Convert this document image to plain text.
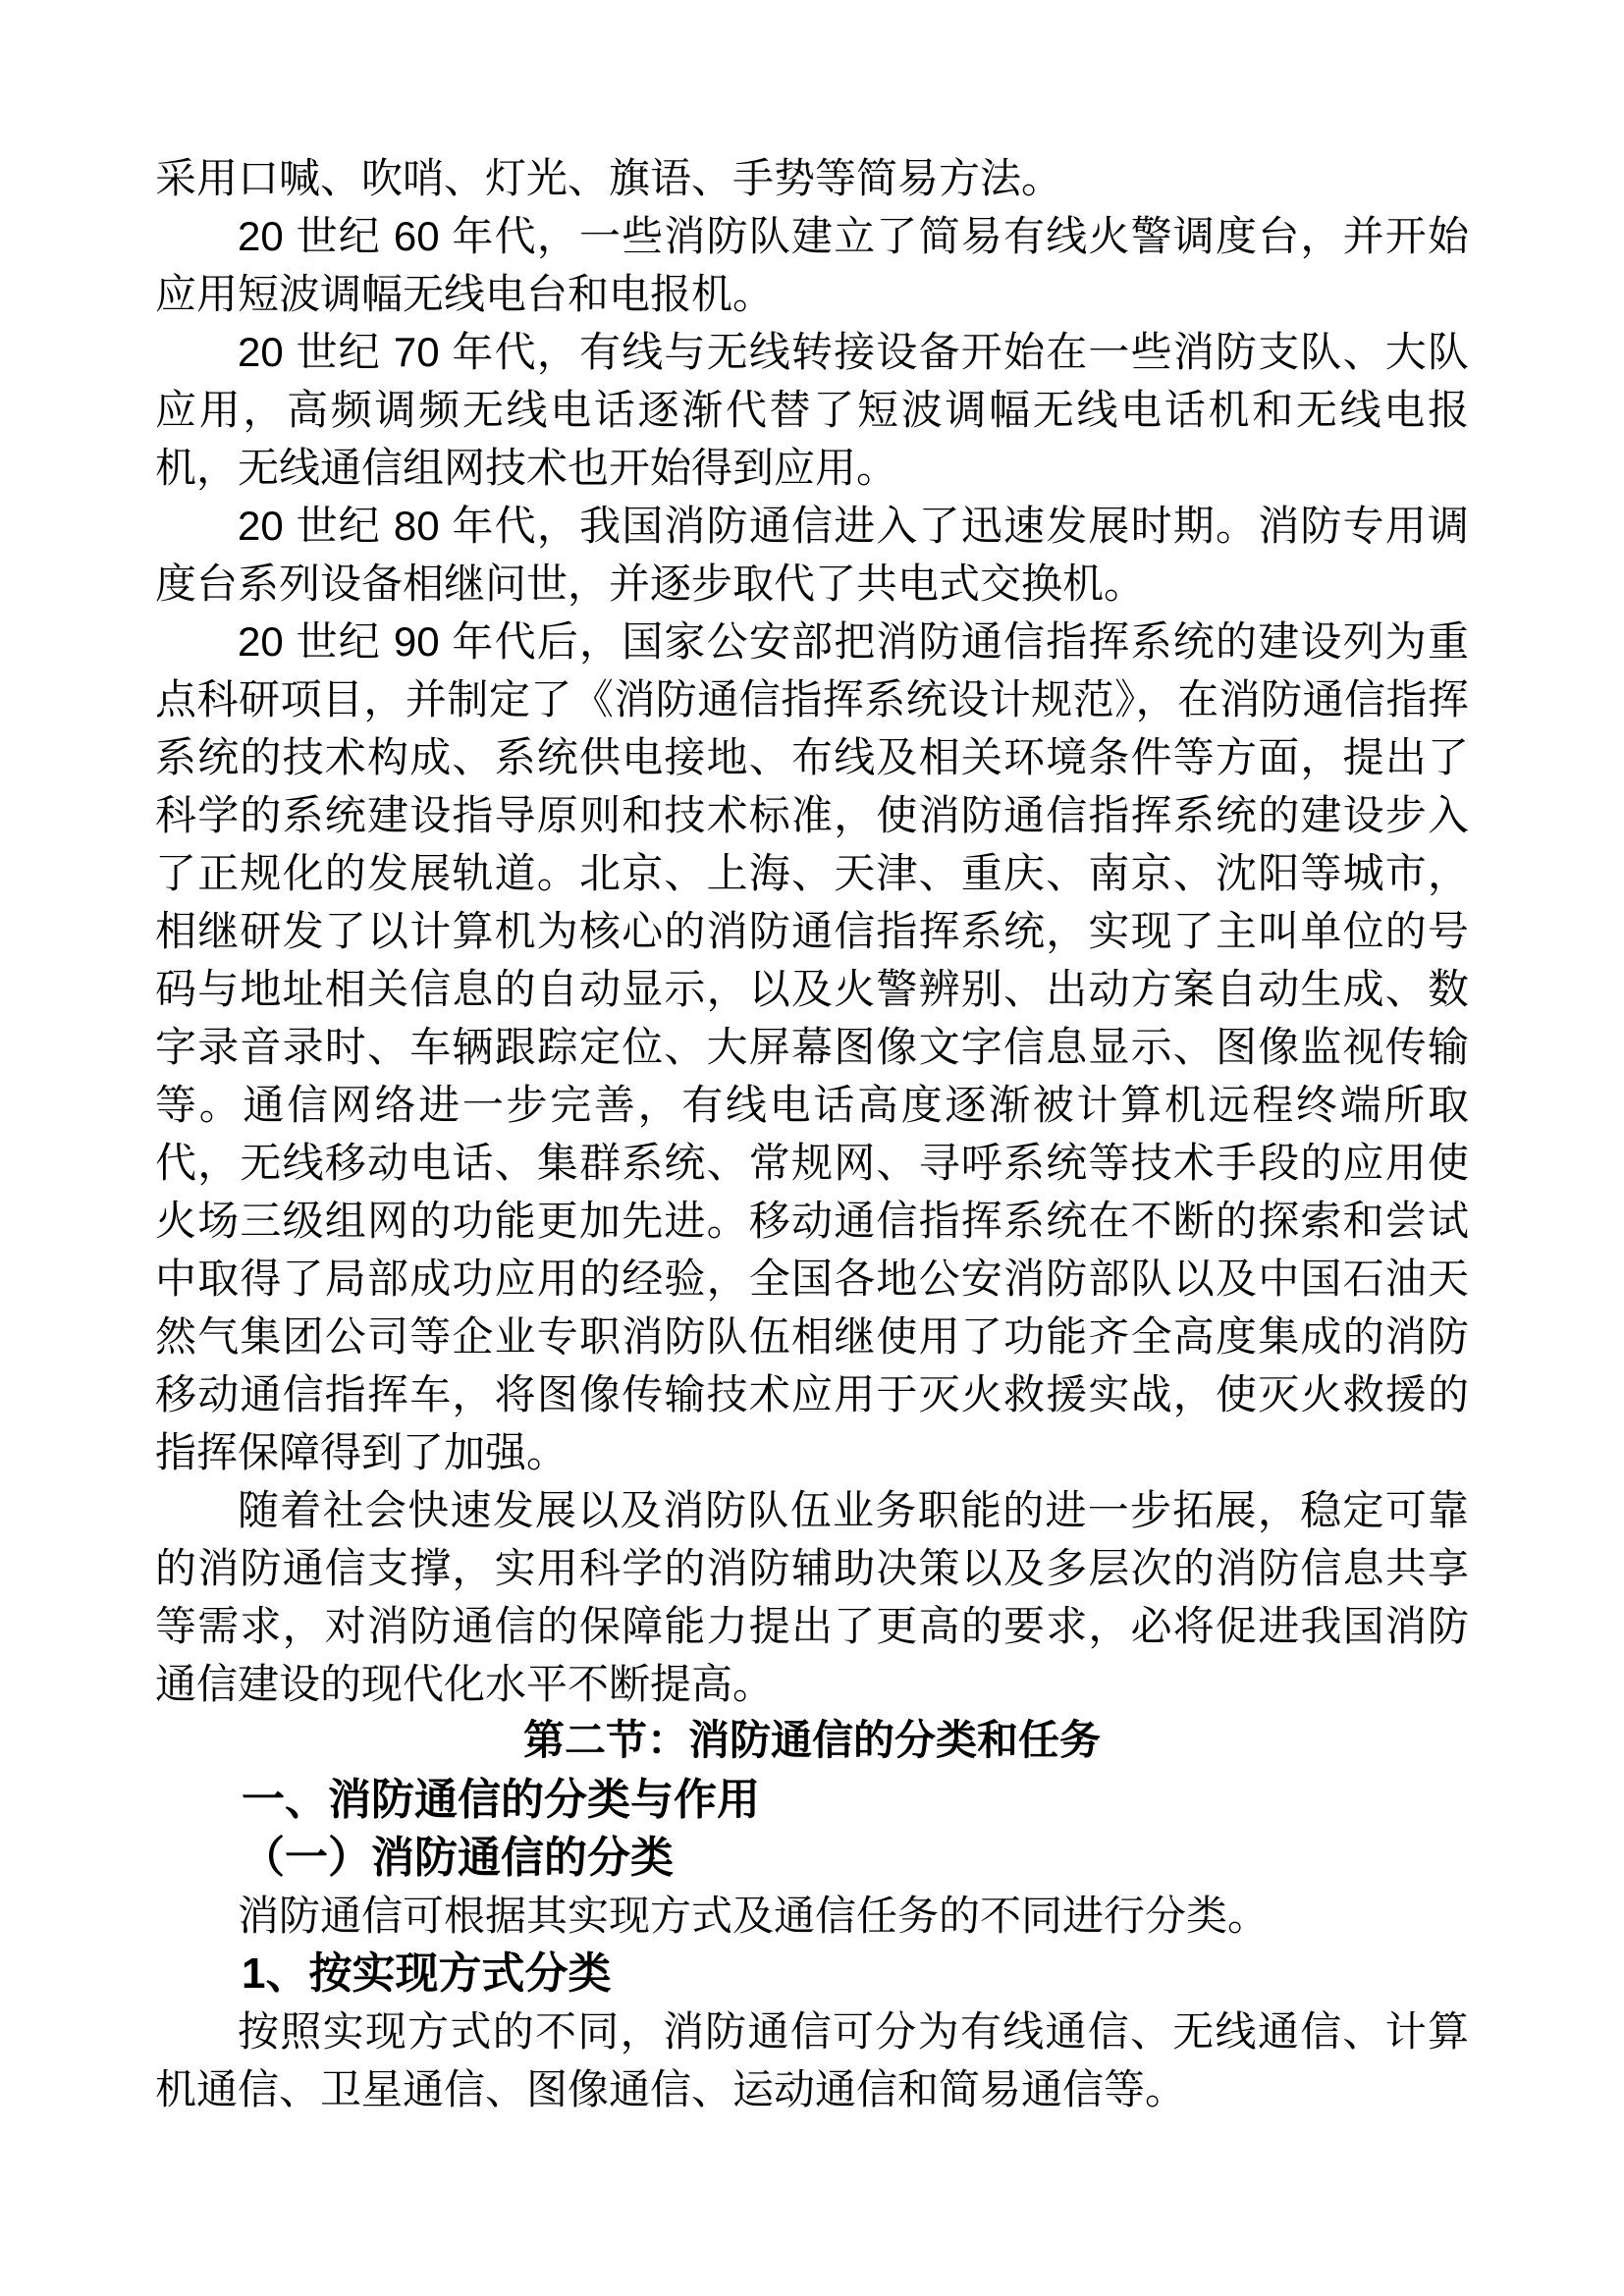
采用口喊、吹哨、灯光、旗语、手势等简易方法。

20 世纪 60 年代，一些消防队建立了简易有线火警调度台，并开始应用短波调幅无线电台和电报机。

20 世纪 70 年代，有线与无线转接设备开始在一些消防支队、大队应用，高频调频无线电话逐渐代替了短波调幅无线电话机和无线电报机，无线通信组网技术也开始得到应用。

20 世纪 80 年代，我国消防通信进入了迅速发展时期。消防专用调度台系列设备相继问世，并逐步取代了共电式交换机。

20 世纪 90 年代后，国家公安部把消防通信指挥系统的建设列为重点科研项目，并制定了《消防通信指挥系统设计规范》，在消防通信指挥系统的技术构成、系统供电接地、布线及相关环境条件等方面，提出了科学的系统建设指导原则和技术标准，使消防通信指挥系统的建设步入了正规化的发展轨道。北京、上海、天津、重庆、南京、沈阳等城市，相继研发了以计算机为核心的消防通信指挥系统，实现了主叫单位的号码与地址相关信息的自动显示，以及火警辨别、出动方案自动生成、数字录音录时、车辆跟踪定位、大屏幕图像文字信息显示、图像监视传输等。通信网络进一步完善，有线电话高度逐渐被计算机远程终端所取代，无线移动电话、集群系统、常规网、寻呼系统等技术手段的应用使火场三级组网的功能更加先进。移动通信指挥系统在不断的探索和尝试中取得了局部成功应用的经验，全国各地公安消防部队以及中国石油天然气集团公司等企业专职消防队伍相继使用了功能齐全高度集成的消防移动通信指挥车，将图像传输技术应用于灭火救援实战，使灭火救援的指挥保障得到了加强。

随着社会快速发展以及消防队伍业务职能的进一步拓展，稳定可靠的消防通信支撑，实用科学的消防辅助决策以及多层次的消防信息共享等需求，对消防通信的保障能力提出了更高的要求，必将促进我国消防通信建设的现代化水平不断提高。

第二节：消防通信的分类和任务

一、消防通信的分类与作用

（一）消防通信的分类

消防通信可根据其实现方式及通信任务的不同进行分类。

1、按实现方式分类

按照实现方式的不同，消防通信可分为有线通信、无线通信、计算机通信、卫星通信、图像通信、运动通信和简易通信等。
